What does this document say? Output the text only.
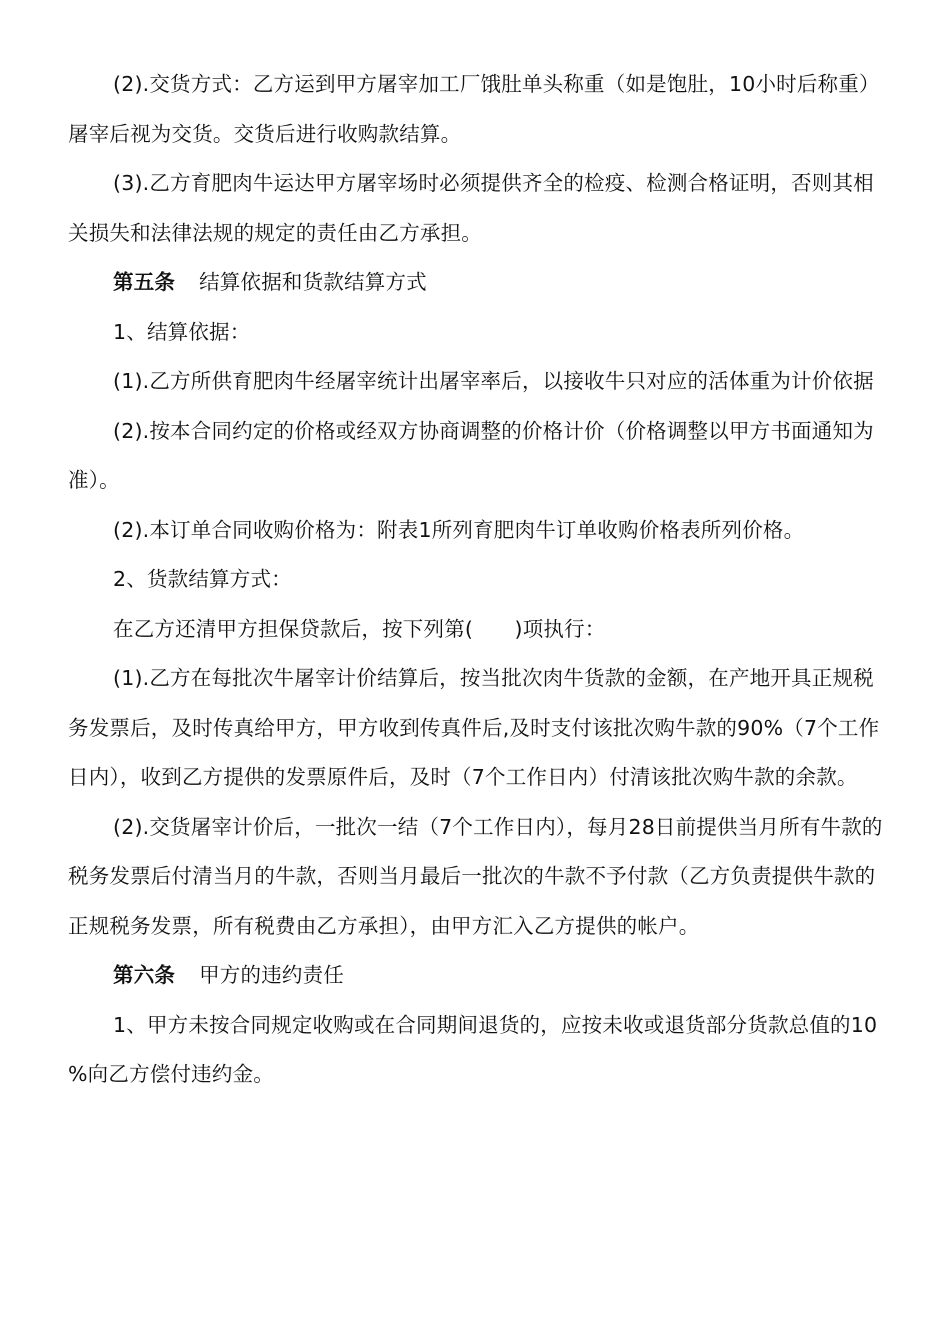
(2).交货方式：乙方运到甲方屠宰加工厂饿肚单头称重（如是饱肚，10小时后称重）屠宰后视为交货。交货后进行收购款结算。

(3).乙方育肥肉牛运达甲方屠宰场时必须提供齐全的检疫、检测合格证明，否则其相关损失和法律法规的规定的责任由乙方承担。

第五条 结算依据和货款结算方式

1、结算依据：

(1).乙方所供育肥肉牛经屠宰统计出屠宰率后，以接收牛只对应的活体重为计价依据

(2).按本合同约定的价格或经双方协商调整的价格计价（价格调整以甲方书面通知为准）。

(2).本订单合同收购价格为：附表1所列育肥肉牛订单收购价格表所列价格。

2、货款结算方式：

在乙方还清甲方担保贷款后，按下列第(　　)项执行：

(1).乙方在每批次牛屠宰计价结算后，按当批次肉牛货款的金额，在产地开具正规税务发票后，及时传真给甲方，甲方收到传真件后,及时支付该批次购牛款的90%（7个工作日内），收到乙方提供的发票原件后，及时（7个工作日内）付清该批次购牛款的余款。

(2).交货屠宰计价后，一批次一结（7个工作日内），每月28日前提供当月所有牛款的税务发票后付清当月的牛款，否则当月最后一批次的牛款不予付款（乙方负责提供牛款的正规税务发票，所有税费由乙方承担），由甲方汇入乙方提供的帐户。

第六条 甲方的违约责任

1、甲方未按合同规定收购或在合同期间退货的，应按未收或退货部分货款总值的10 %向乙方偿付违约金。
